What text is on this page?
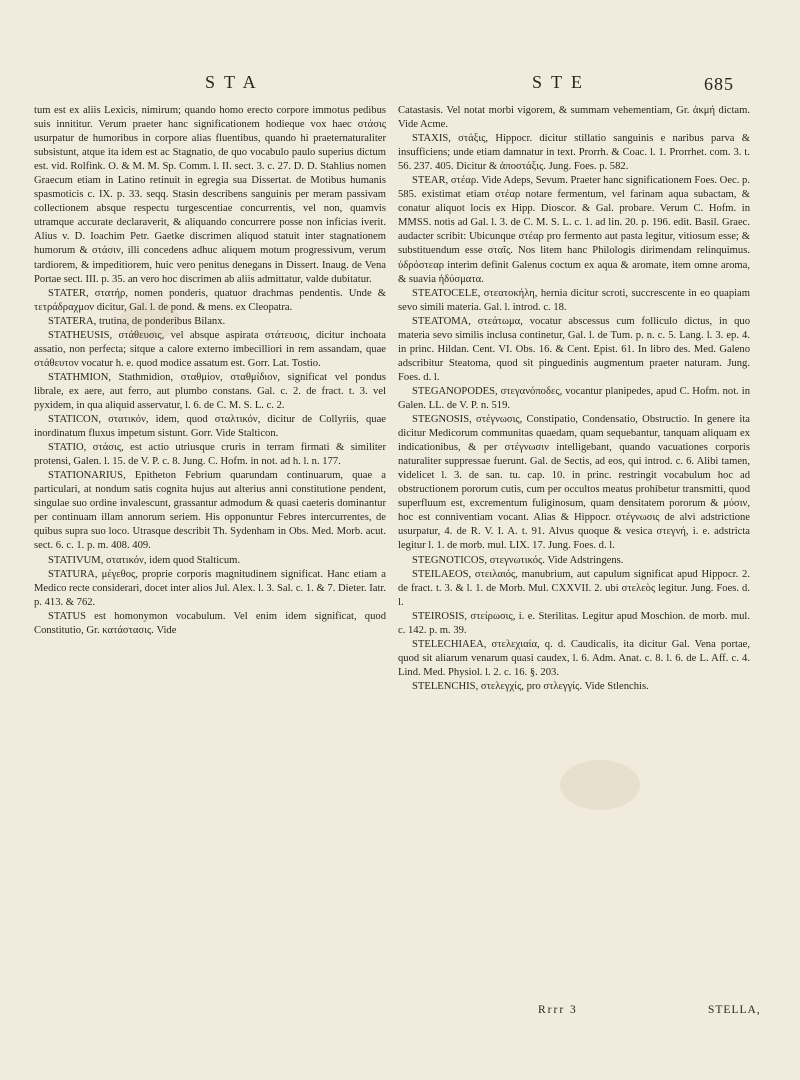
STA	STE	685

tum est ex aliis Lexicis, nimirum; quando homo erecto corpore immotus pedibus suis innititur. Verum praeter hanc significationem hodieque vox haec στάσις usurpatur de humoribus in corpore alias fluentibus, quando hi praeternaturaliter subsistunt, atque ita idem est ac Stagnatio, de quo vocabulo paulo superius dictum est. vid. Rolfink. O. & M. M. Sp. Comm. l. II. sect. 3. c. 27. D. D. Stahlius nomen Graecum etiam in Latino retinuit in egregia sua Dissertat. de Motibus humanis spasmoticis c. IX. p. 33. seqq. Stasin describens sanguinis per meram passivam collectionem absque respectu turgescentiae concurrentis, vel non, quamvis utramque accurate declaraverit, & aliquando concurrere posse non inficias iverit. Alius v. D. Ioachim Petr. Gaetke discrimen aliquod statuit inter stagnationem humorum & στάσιν, illi concedens adhuc aliquem motum progressivum, verum tardiorem, & impeditiorem, huic vero penitus denegans in Dissert. Inaug. de Vena Portae sect. III. p. 35. an vero hoc discrimen ab aliis admittatur, valde dubitatur.

STATER, στατήρ, nomen ponderis, quatuor drachmas pendentis. Unde & τετράδραχμον dicitur, Gal. l. de pond. & mens. ex Cleopatra.

STATERA, trutina, de ponderibus Bilanx.

STATHEUSIS, στάθευσις, vel absque aspirata στάτευσις, dicitur inchoata assatio, non perfecta; sitque a calore externo imbecilliori in rem assandam, quae στάθευτον vocatur h. e. quod modice assatum est. Gorr. Lat. Tostio.

STATHMION, Stathmidion, σταθμίον, σταθμίδιον, significat vel pondus librale, ex aere, aut ferro, aut plumbo constans. Gal. c. 2. de fract. t. 3. vel pyxidem, in qua aliquid asservatur, l. 6. de C. M. S. L. c. 2.

STATICON, στατικόν, idem, quod σταλτικόν, dicitur de Collyriis, quae inordinatum fluxus impetum sistunt. Gorr. Vide Stalticon.

STATIO, στάσις, est actio utriusque cruris in terram firmati & similiter protensi, Galen. l. 15. de V. P. c. 8. Jung. C. Hofm. in not. ad h. l. n. 177.

STATIONARIUS, Epitheton Febrium quarundam continuarum, quae a particulari, at nondum satis cognita hujus aut alterius anni constitutione pendent, singulae suo ordine invalescunt, grassantur admodum & quasi caeteris dominantur per continuam illam annorum seriem. His opponuntur Febres intercurrentes, de quibus supra suo loco. Utrasque describit Th. Sydenham in Obs. Med. Morb. acut. sect. 6. c. 1. p. m. 408. 409.

STATIVUM, στατικόν, idem quod Stalticum.

STATURA, μέγεθος, proprie corporis magnitudinem significat. Hanc etiam a Medico recte considerari, docet inter alios Jul. Alex. l. 3. Sal. c. 1. & 7. Dieter. Iatr. p. 413. & 762.

STATUS est homonymon vocabulum. Vel enim idem significat, quod Constitutio, Gr. κατάστασις. Vide

Catastasis. Vel notat morbi vigorem, & summam vehementiam, Gr. ἀκμή dictam. Vide Acme.

STAXIS, στάξις, Hippocr. dicitur stillatio sanguinis e naribus parva & insufficiens; unde etiam damnatur in text. Prorrh. & Coac. l. 1. Prorrhet. com. 3. t. 56. 237. 405. Dicitur & ἀποστάξις. Jung. Foes. p. 582.

STEAR, στέαρ. Vide Adeps, Sevum. Praeter hanc significationem Foes. Oec. p. 585. existimat etiam στέαρ notare fermentum, vel farinam aqua subactam, & conatur aliquot locis ex Hipp. Dioscor. & Gal. probare. Verum C. Hofm. in MMSS. notis ad Gal. l. 3. de C. M. S. L. c. 1. ad lin. 20. p. 196. edit. Basil. Graec. audacter scribit: Ubicunque στέαρ pro fermento aut pasta legitur, vitiosum esse; & substituendum esse σταῖς. Nos litem hanc Philologis dirimendam relinquimus. ὑδρόστεαρ interim definit Galenus coctum ex aqua & aromate, item omne aroma, & suavia ἡδύσματα.

STEATOCELE, στεατοκήλη, hernia dicitur scroti, succrescente in eo quapiam sevo simili materia. Gal. l. introd. c. 18.

STEATOMA, στεάτωμα, vocatur abscessus cum folliculo dictus, in quo materia sevo similis inclusa continetur, Gal. l. de Tum. p. n. c. 5. Lang. l. 3. ep. 4. in princ. Hildan. Cent. VI. Obs. 16. & Cent. Epist. 61. In libro des. Med. Galeno adscribitur Steatoma, quod sit pinguedinis augmentum praeter naturam. Jung. Foes. d. l.

STEGANOPODES, στεγανόποδες, vocantur planipedes, apud C. Hofm. not. in Galen. LL. de V. P. n. 519.

STEGNOSIS, στέγνωσις, Constipatio, Condensatio, Obstructio. In genere ita dicitur Medicorum communitas quaedam, quam sequebantur, tanquam aliquam ex indicationibus, & per στέγνωσιν intelligebant, quando vacuationes corporis naturaliter suppressae fuerunt. Gal. de Sectis, ad eos, qui introd. c. 6. Alibi tamen, videlicet l. 3. de san. tu. cap. 10. in princ. restringit vocabulum hoc ad obstructionem pororum cutis, cum per occultos meatus prohibetur transmitti, quod superfluum est, excrementum fuliginosum, quam densitatem pororum & μύσιν, hoc est conniventiam vocant. Alias & Hippocr. στέγνωσις de alvi adstrictione usurpatur, 4. de R. V. I. A. t. 91. Alvus quoque & vesica στεγνή, i. e. adstricta legitur l. 1. de morb. mul. LIX. 17. Jung. Foes. d. l.

STEGNOTICOS, στεγνωτικός. Vide Adstringens.

STEILAEOS, στειλαιός, manubrium, aut capulum significat apud Hippocr. 2. de fract. t. 3. & l. 1. de Morb. Mul. CXXVII. 2. ubi στελεὸς legitur. Jung. Foes. d. l.

STEIROSIS, στείρωσις, i. e. Sterilitas. Legitur apud Moschion. de morb. mul. c. 142. p. m. 39.

STELECHIAEA, στελεχιαία, q. d. Caudicalis, ita dicitur Gal. Vena portae, quod sit aliarum venarum quasi caudex, l. 6. Adm. Anat. c. 8. l. 6. de L. Aff. c. 4. Lind. Med. Physiol. l. 2. c. 16. §. 203.

STELENCHIS, στελεγχίς, pro στλεγγίς. Vide Stlenchis.

Rrrr 3	STELLA,
